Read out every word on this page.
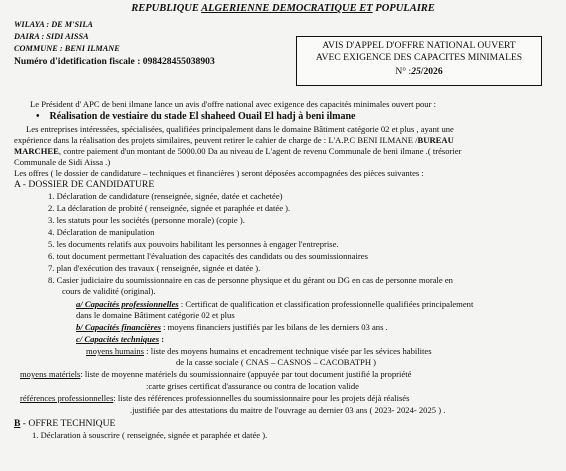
REPUBLIQUE ALGERIENNE DEMOCRATIQUE ET POPULAIRE
WILAYA : DE M'SILA
DAIRA : SIDI AISSA
COMMUNE : BENI ILMANE
Numéro d'idetification fiscale : 098428455038903
AVIS D'APPEL D'OFFRE NATIONAL OUVERT
AVEC EXIGENCE DES CAPACITES MINIMALES
N° :25/2026
Le Président d' APC de beni ilmane lance un avis d'offre national avec exigence des capacités minimales ouvert pour :
•    Réalisation de vestiaire du stade El shaheed Ouail El hadj à beni ilmane
Les entreprises intéressées, spécialisées, qualifiées principalement dans le domaine Bâtiment catégorie 02 et plus , ayant une
expérience dans la réalisation des projets similaires, peuvent retirer le cahier de charge de : L'A.P.C BENI ILMANE /BUREAU
MARCHEE, contre paiement d'un montant de 5000.00 Da au niveau de L'agent de revenu Communale de beni ilmane .( trésorier
Communale de Sidi Aissa .)
Les offres ( le dossier de candidature – techniques et financières ) seront déposées accompagnées des pièces suivantes :
A - DOSSIER DE CANDIDATURE
1. Déclaration de candidature (renseignée, signée, datée et cachetée)
2. La déclaration de probité ( renseignée, signée et paraphée et datée ).
3. les statuts pour les sociétés (personne morale) (copie ).
4. Déclaration de manipulation
5. les documents relatifs aux pouvoirs habilitant les personnes à engager l'entreprise.
6. tout document permettant l'évaluation des capacités des candidats ou des soumissionnaires
7. plan d'exécution des travaux ( renseignée, signée et datée ).
8. Casier judiciaire du soumissionnaire en cas de personne physique et du gérant ou DG en cas de personne morale en
cours de validité (original).
a/ Capacités professionnelles : Certificat de qualification et classification professionnelle qualifiées principalement
dans le domaine Bâtiment catégorie 02 et plus
b/ Capacités financières : moyens financiers justifiés par les bilans de les derniers 03 ans .
c/ Capacités techniques :
moyens humains : liste des moyens humains et encadrement technique visée par les sévices habilites
de la casse sociale ( CNAS – CASNOS – CACOBATPH )
moyens matériels: liste de moyenne matériels du soumissionnaire (appuyée par tout document justifié la propriété
:carte grises certificat d'assurance ou contra de location valide
références professionnelles: liste des références professionnelles du soumissionnaire pour les projets déjà réalisés
.justifiée par des attestations du maitre de l'ouvrage au dernier 03 ans ( 2023- 2024- 2025 ) .
B - OFFRE TECHNIQUE
1. Déclaration à souscrire ( renseignée, signée et paraphée et datée ).
